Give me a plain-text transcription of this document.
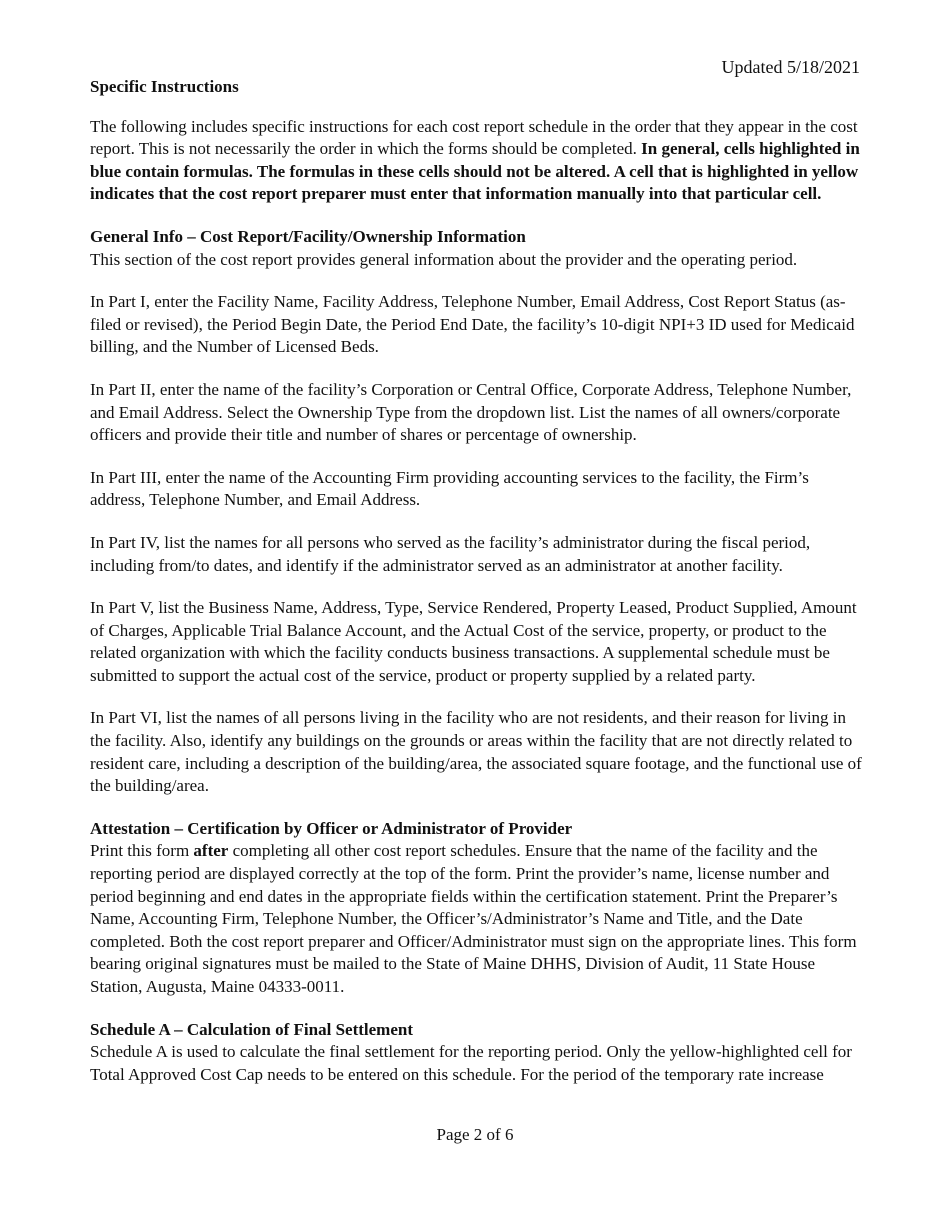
Updated 5/18/2021
Specific Instructions

The following includes specific instructions for each cost report schedule in the order that they appear in the cost report. This is not necessarily the order in which the forms should be completed. In general, cells highlighted in blue contain formulas. The formulas in these cells should not be altered. A cell that is highlighted in yellow indicates that the cost report preparer must enter that information manually into that particular cell.

General Info – Cost Report/Facility/Ownership Information

This section of the cost report provides general information about the provider and the operating period.

In Part I, enter the Facility Name, Facility Address, Telephone Number, Email Address, Cost Report Status (as-filed or revised), the Period Begin Date, the Period End Date, the facility’s 10-digit NPI+3 ID used for Medicaid billing, and the Number of Licensed Beds.

In Part II, enter the name of the facility’s Corporation or Central Office, Corporate Address, Telephone Number, and Email Address. Select the Ownership Type from the dropdown list. List the names of all owners/corporate officers and provide their title and number of shares or percentage of ownership.

In Part III, enter the name of the Accounting Firm providing accounting services to the facility, the Firm’s address, Telephone Number, and Email Address.

In Part IV, list the names for all persons who served as the facility’s administrator during the fiscal period, including from/to dates, and identify if the administrator served as an administrator at another facility.

In Part V, list the Business Name, Address, Type, Service Rendered, Property Leased, Product Supplied, Amount of Charges, Applicable Trial Balance Account, and the Actual Cost of the service, property, or product to the related organization with which the facility conducts business transactions. A supplemental schedule must be submitted to support the actual cost of the service, product or property supplied by a related party.

In Part VI, list the names of all persons living in the facility who are not residents, and their reason for living in the facility. Also, identify any buildings on the grounds or areas within the facility that are not directly related to resident care, including a description of the building/area, the associated square footage, and the functional use of the building/area.

Attestation – Certification by Officer or Administrator of Provider

Print this form after completing all other cost report schedules. Ensure that the name of the facility and the reporting period are displayed correctly at the top of the form. Print the provider’s name, license number and period beginning and end dates in the appropriate fields within the certification statement. Print the Preparer’s Name, Accounting Firm, Telephone Number, the Officer’s/Administrator’s Name and Title, and the Date completed. Both the cost report preparer and Officer/Administrator must sign on the appropriate lines. This form bearing original signatures must be mailed to the State of Maine DHHS, Division of Audit, 11 State House Station, Augusta, Maine 04333-0011.

Schedule A – Calculation of Final Settlement

Schedule A is used to calculate the final settlement for the reporting period. Only the yellow-highlighted cell for Total Approved Cost Cap needs to be entered on this schedule. For the period of the temporary rate increase

Page 2 of 6
